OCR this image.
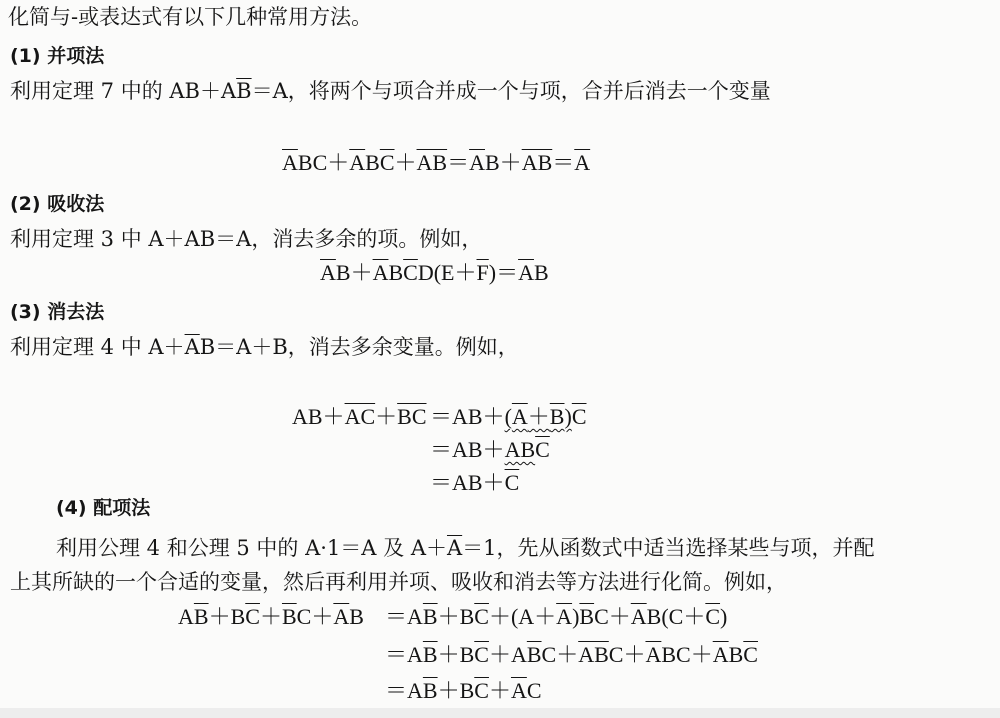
化简与-或表达式有以下几种常用方法。
(1) 并项法
利用定理 7 中的 $AB+A\overline{B}=A$，将两个与项合并成一个与项，合并后消去一个变量
$\overline{A}BC+\overline{A}B\overline{C}+\overline{AB}=\overline{A}B+\overline{AB}=\overline{A}$
(2) 吸收法
利用定理 3 中 A＋AB＝A，消去多余的项。例如，
$\overline{A}B+\overline{A}B\overline{C}D(E+\overline{F})=\overline{A}B$
(3) 消去法
利用定理 4 中 $A+\overline{A}B=A+B$，消去多余变量。例如，
$AB+\overline{AC}+\overline{BC} =AB+(A+B)\overline{C}$
$=AB+AB\overline{C}$
$=AB+\overline{C}$
(4) 配项法
利用公理 4 和公理 5 中的 A·1＝A 及 $A+\overline{A}=1$，先从函数式中适当选择某些与项，并配
上其所缺的一个合适的变量，然后再利用并项、吸收和消去等方法进行化简。例如，
$A\overline{B}+B\overline{C}+\overline{B}C+\overline{A}B =A\overline{B}+B\overline{C}+(A+\overline{A})\overline{B}C+\overline{A}B(C+\overline{C})$
$=A\overline{B}+B\overline{C}+A\overline{B}C+\overline{AB}C+\overline{A}BC+\overline{A}B\overline{C}$
$=A\overline{B}+B\overline{C}+\overline{A}C$
